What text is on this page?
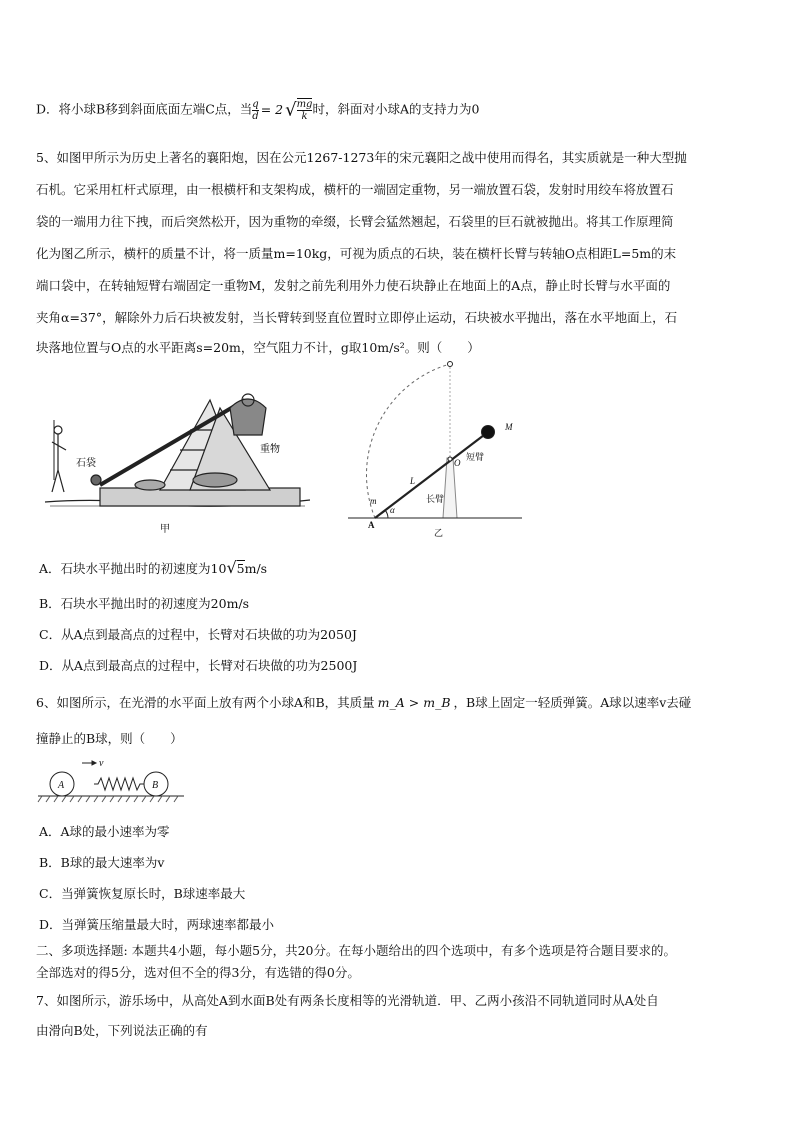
D．将小球B移到斜面底面左端C点，当$\frac{q}{d} = 2$ $√\frac{mg}{k}$ 时，斜面对小球A的支持力为0
5、如图甲所示为历史上著名的襄阳炮，因在公元1267-1273年的宋元襄阳之战中使用而得名，其实质就是一种大型抛
石机。它采用杠杆式原理，由一根横杆和支架构成，横杆的一端固定重物，另一端放置石袋，发射时用绞车将放置石
袋的一端用力往下拽，而后突然松开，因为重物的牵缀，长臂会猛然翘起，石袋里的巨石就被抛出。将其工作原理简
化为图乙所示，横杆的质量不计，将一质量m=10kg，可视为质点的石块，装在横杆长臂与转轴O点相距L=5m的末
端口袋中，在转轴短臂右端固定一重物M，发射之前先利用外力使石块静止在地面上的A点，静止时长臂与水平面的
夹角α=37°，解除外力后石块被发射，当长臂转到竖直位置时立即停止运动，石块被水平抛出，落在水平地面上，石
块落地位置与O点的水平距离s=20m，空气阻力不计，g取10m/s²。则（　　）
石袋
重物
甲
M
O
短臂
L
长臂
m
α
A
乙
A．石块水平抛出时的初速度为10√5m/s
B．石块水平抛出时的初速度为20m/s
C．从A点到最高点的过程中，长臂对石块做的功为2050J
D．从A点到最高点的过程中，长臂对石块做的功为2500J
6、如图所示，在光滑的水平面上放有两个小球A和B，其质量 m_A > m_B ，B球上固定一轻质弹簧。A球以速率v去碰
撞静止的B球，则（　　）
A	B
v
A．A球的最小速率为零
B．B球的最大速率为v
C．当弹簧恢复原长时，B球速率最大
D．当弹簧压缩量最大时，两球速率都最小
二、多项选择题: 本题共4小题，每小题5分，共20分。在每小题给出的四个选项中，有多个选项是符合题目要求的。
全部选对的得5分，选对但不全的得3分，有选错的得0分。
7、如图所示，游乐场中，从高处A到水面B处有两条长度相等的光滑轨道．甲、乙两小孩沿不同轨道同时从A处自
由滑向B处，下列说法正确的有
